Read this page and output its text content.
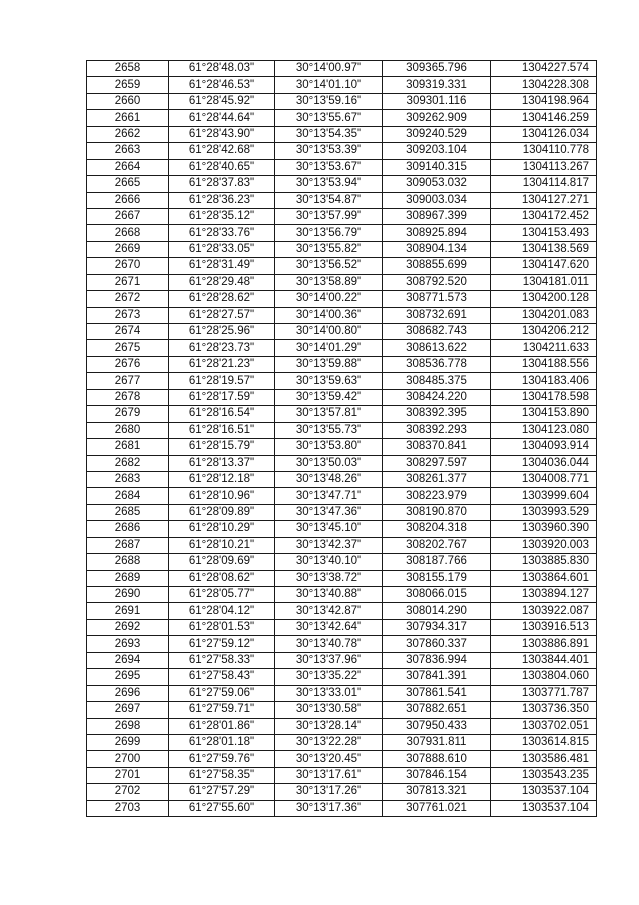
2658	61°28'48.03"	30°14'00.97"	309365.796	1304227.574
2659	61°28'46.53"	30°14'01.10"	309319.331	1304228.308
2660	61°28'45.92"	30°13'59.16"	309301.116	1304198.964
2661	61°28'44.64"	30°13'55.67"	309262.909	1304146.259
2662	61°28'43.90"	30°13'54.35"	309240.529	1304126.034
2663	61°28'42.68"	30°13'53.39"	309203.104	1304110.778
2664	61°28'40.65"	30°13'53.67"	309140.315	1304113.267
2665	61°28'37.83"	30°13'53.94"	309053.032	1304114.817
2666	61°28'36.23"	30°13'54.87"	309003.034	1304127.271
2667	61°28'35.12"	30°13'57.99"	308967.399	1304172.452
2668	61°28'33.76"	30°13'56.79"	308925.894	1304153.493
2669	61°28'33.05"	30°13'55.82"	308904.134	1304138.569
2670	61°28'31.49"	30°13'56.52"	308855.699	1304147.620
2671	61°28'29.48"	30°13'58.89"	308792.520	1304181.011
2672	61°28'28.62"	30°14'00.22"	308771.573	1304200.128
2673	61°28'27.57"	30°14'00.36"	308732.691	1304201.083
2674	61°28'25.96"	30°14'00.80"	308682.743	1304206.212
2675	61°28'23.73"	30°14'01.29"	308613.622	1304211.633
2676	61°28'21.23"	30°13'59.88"	308536.778	1304188.556
2677	61°28'19.57"	30°13'59.63"	308485.375	1304183.406
2678	61°28'17.59"	30°13'59.42"	308424.220	1304178.598
2679	61°28'16.54"	30°13'57.81"	308392.395	1304153.890
2680	61°28'16.51"	30°13'55.73"	308392.293	1304123.080
2681	61°28'15.79"	30°13'53.80"	308370.841	1304093.914
2682	61°28'13.37"	30°13'50.03"	308297.597	1304036.044
2683	61°28'12.18"	30°13'48.26"	308261.377	1304008.771
2684	61°28'10.96"	30°13'47.71"	308223.979	1303999.604
2685	61°28'09.89"	30°13'47.36"	308190.870	1303993.529
2686	61°28'10.29"	30°13'45.10"	308204.318	1303960.390
2687	61°28'10.21"	30°13'42.37"	308202.767	1303920.003
2688	61°28'09.69"	30°13'40.10"	308187.766	1303885.830
2689	61°28'08.62"	30°13'38.72"	308155.179	1303864.601
2690	61°28'05.77"	30°13'40.88"	308066.015	1303894.127
2691	61°28'04.12"	30°13'42.87"	308014.290	1303922.087
2692	61°28'01.53"	30°13'42.64"	307934.317	1303916.513
2693	61°27'59.12"	30°13'40.78"	307860.337	1303886.891
2694	61°27'58.33"	30°13'37.96"	307836.994	1303844.401
2695	61°27'58.43"	30°13'35.22"	307841.391	1303804.060
2696	61°27'59.06"	30°13'33.01"	307861.541	1303771.787
2697	61°27'59.71"	30°13'30.58"	307882.651	1303736.350
2698	61°28'01.86"	30°13'28.14"	307950.433	1303702.051
2699	61°28'01.18"	30°13'22.28"	307931.811	1303614.815
2700	61°27'59.76"	30°13'20.45"	307888.610	1303586.481
2701	61°27'58.35"	30°13'17.61"	307846.154	1303543.235
2702	61°27'57.29"	30°13'17.26"	307813.321	1303537.104
2703	61°27'55.60"	30°13'17.36"	307761.021	1303537.104
